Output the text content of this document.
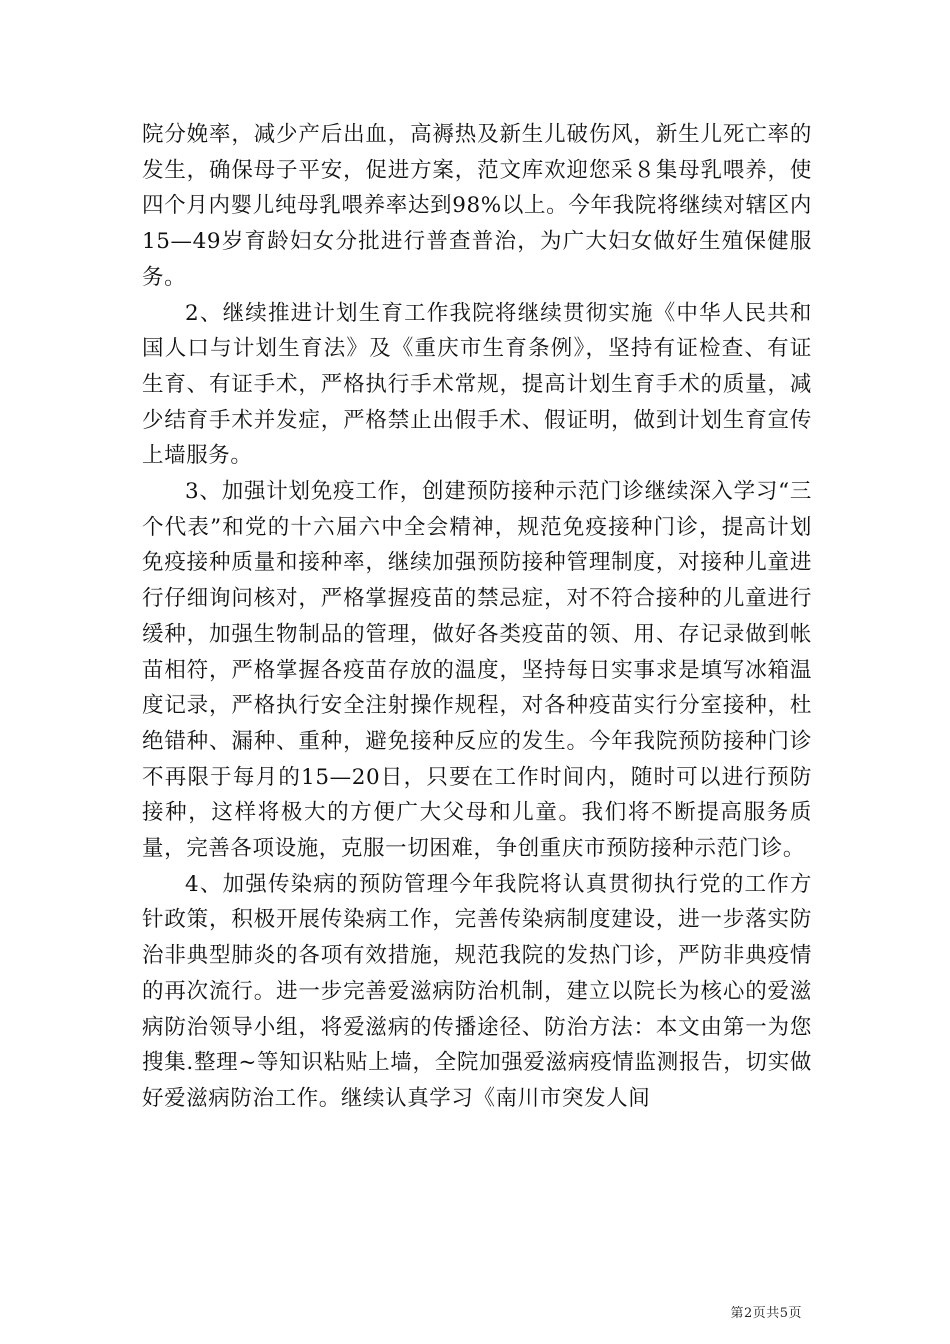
院分娩率，减少产后出血，高褥热及新生儿破伤风，新生儿死亡率的发生，确保母子平安，促进方案，范文库欢迎您采８集母乳喂养，使四个月内婴儿纯母乳喂养率达到98%以上。今年我院将继续对辖区内15—49岁育龄妇女分批进行普查普治，为广大妇女做好生殖保健服务。

2、继续推进计划生育工作我院将继续贯彻实施《中华人民共和国人口与计划生育法》及《重庆市生育条例》，坚持有证检查、有证生育、有证手术，严格执行手术常规，提高计划生育手术的质量，减少结育手术并发症，严格禁止出假手术、假证明，做到计划生育宣传上墙服务。

3、加强计划免疫工作，创建预防接种示范门诊继续深入学习“三个代表”和党的十六届六中全会精神，规范免疫接种门诊，提高计划免疫接种质量和接种率，继续加强预防接种管理制度，对接种儿童进行仔细询问核对，严格掌握疫苗的禁忌症，对不符合接种的儿童进行缓种，加强生物制品的管理，做好各类疫苗的领、用、存记录做到帐苗相符，严格掌握各疫苗存放的温度，坚持每日实事求是填写冰箱温度记录，严格执行安全注射操作规程，对各种疫苗实行分室接种，杜绝错种、漏种、重种，避免接种反应的发生。今年我院预防接种门诊不再限于每月的15—20日，只要在工作时间内，随时可以进行预防接种，这样将极大的方便广大父母和儿童。我们将不断提高服务质量，完善各项设施，克服一切困难，争创重庆市预防接种示范门诊。

4、加强传染病的预防管理今年我院将认真贯彻执行党的工作方针政策，积极开展传染病工作，完善传染病制度建设，进一步落实防治非典型肺炎的各项有效措施，规范我院的发热门诊，严防非典疫情的再次流行。进一步完善爱滋病防治机制，建立以院长为核心的爱滋病防治领导小组，将爱滋病的传播途径、防治方法：本文由第一为您搜集.整理~等知识粘贴上墙，全院加强爱滋病疫情监测报告，切实做好爱滋病防治工作。继续认真学习《南川市突发人间

第2页共5页
